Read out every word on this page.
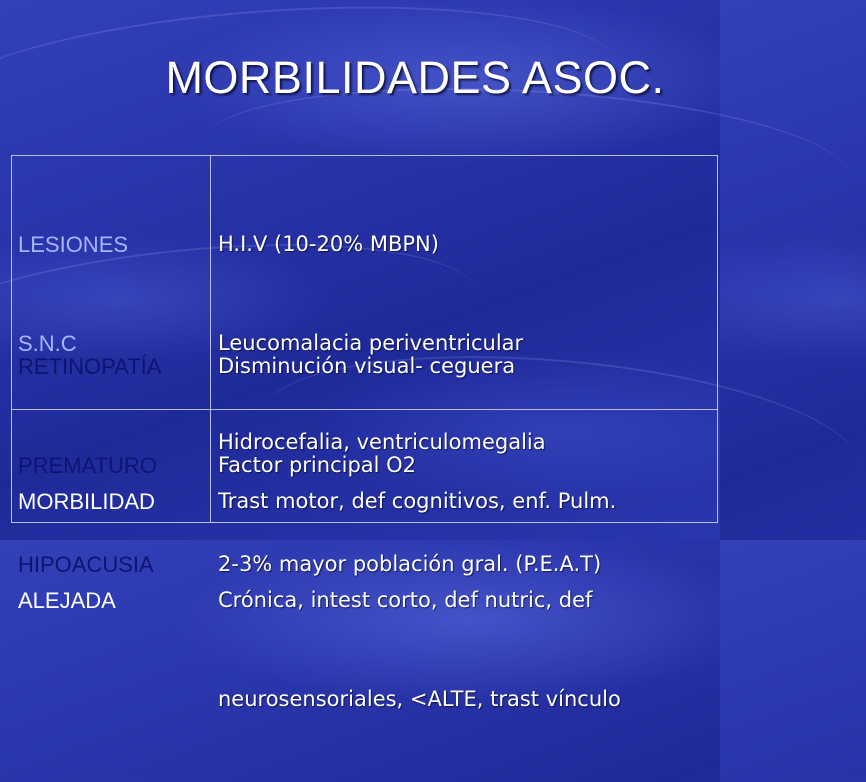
MORBILIDADES ASOC.

LESIONES

S.N.C

H.I.V (10-20% MBPN)

Leucomalacia periventricular

Hidrocefalia, ventriculomegalia

RETINOPATÍA

PREMATURO

HIPOACUSIA

Disminución visual- ceguera

Factor principal O2

2-3% mayor población gral. (P.E.A.T)

MORBILIDAD

ALEJADA

Trast motor, def cognitivos, enf. Pulm.

Crónica, intest corto, def nutric, def

neurosensoriales, <ALTE, trast vínculo
